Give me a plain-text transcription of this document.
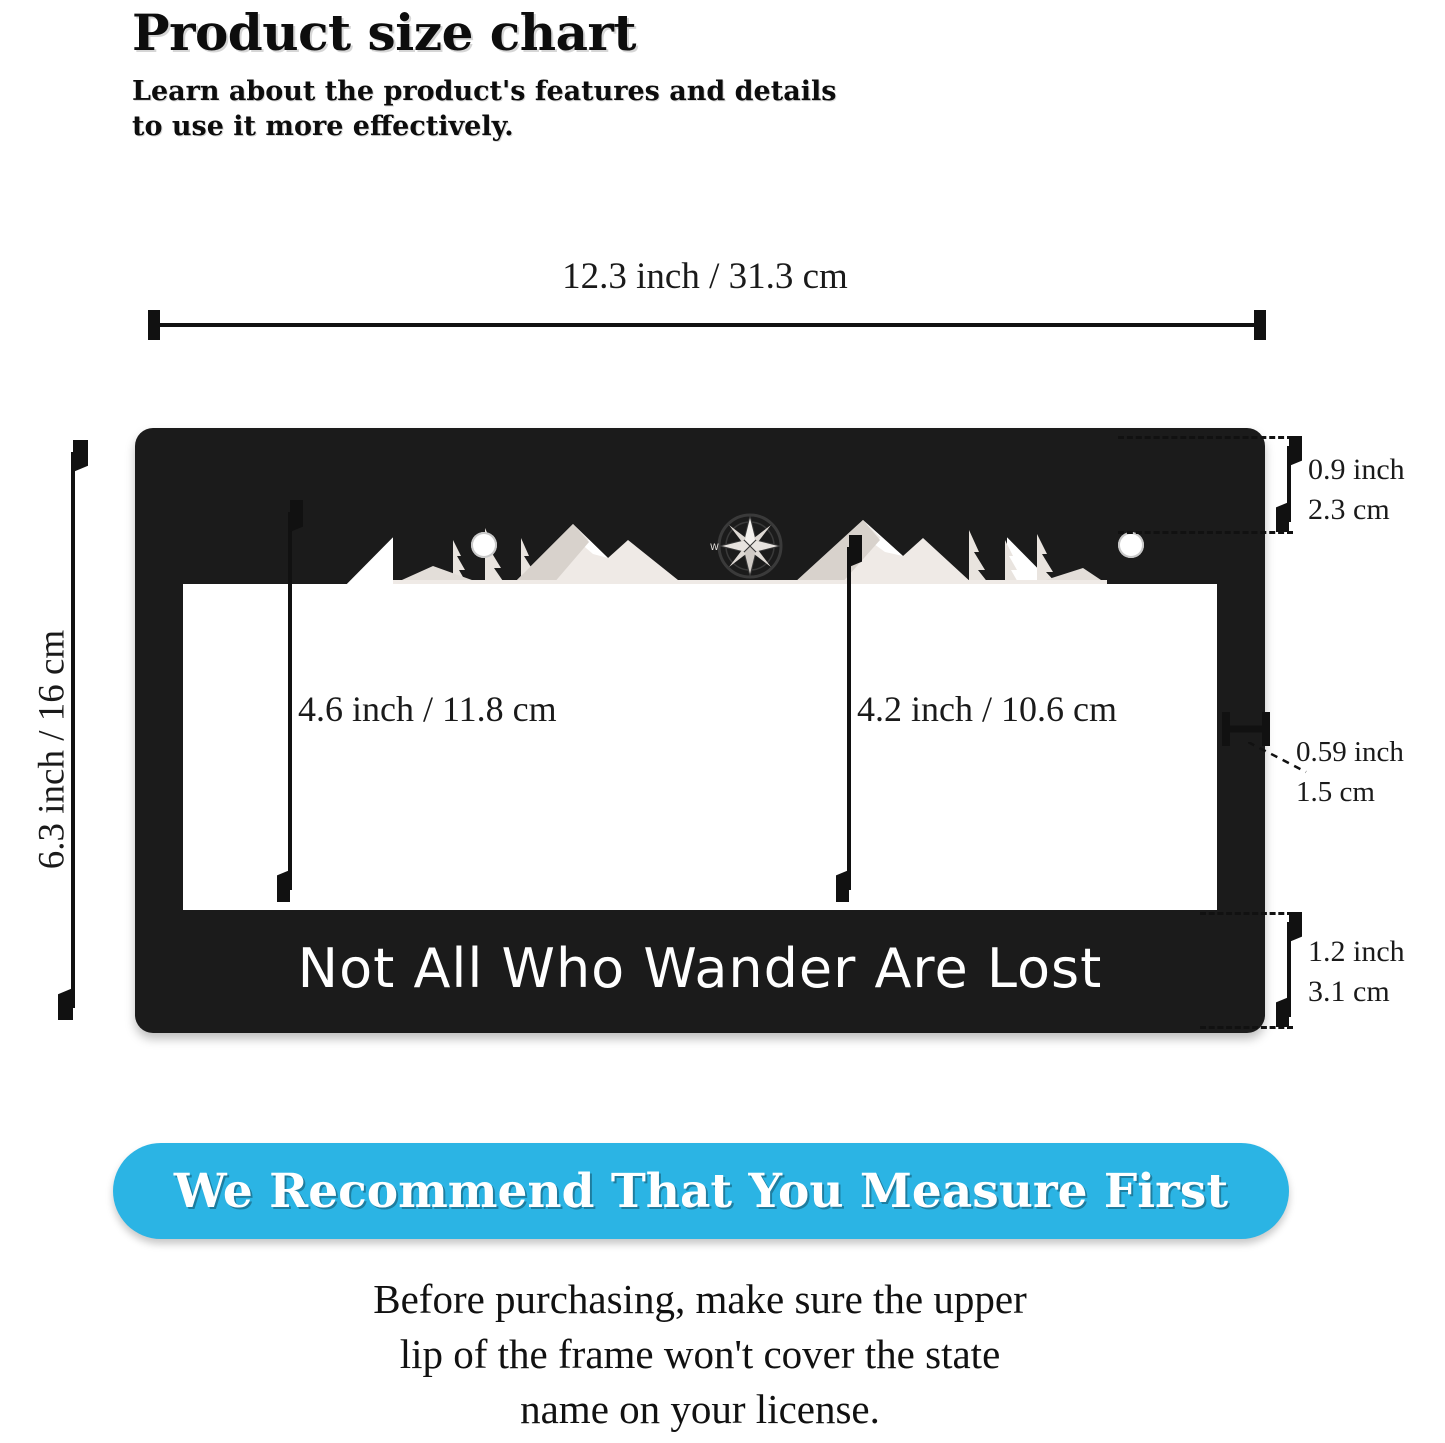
Product size chart
Learn about the product's features and details
to use it more effectively.
12.3 inch / 31.3 cm
6.3 inch / 16 cm
W
Not All Who Wander Are Lost
4.6 inch / 11.8 cm	4.2 inch / 10.6 cm
0.9 inch
2.3 cm
0.59 inch
1.5 cm
1.2 inch
3.1 cm
We Recommend That You Measure First
Before purchasing, make sure the upper
lip of the frame won't cover the state
name on your license.
